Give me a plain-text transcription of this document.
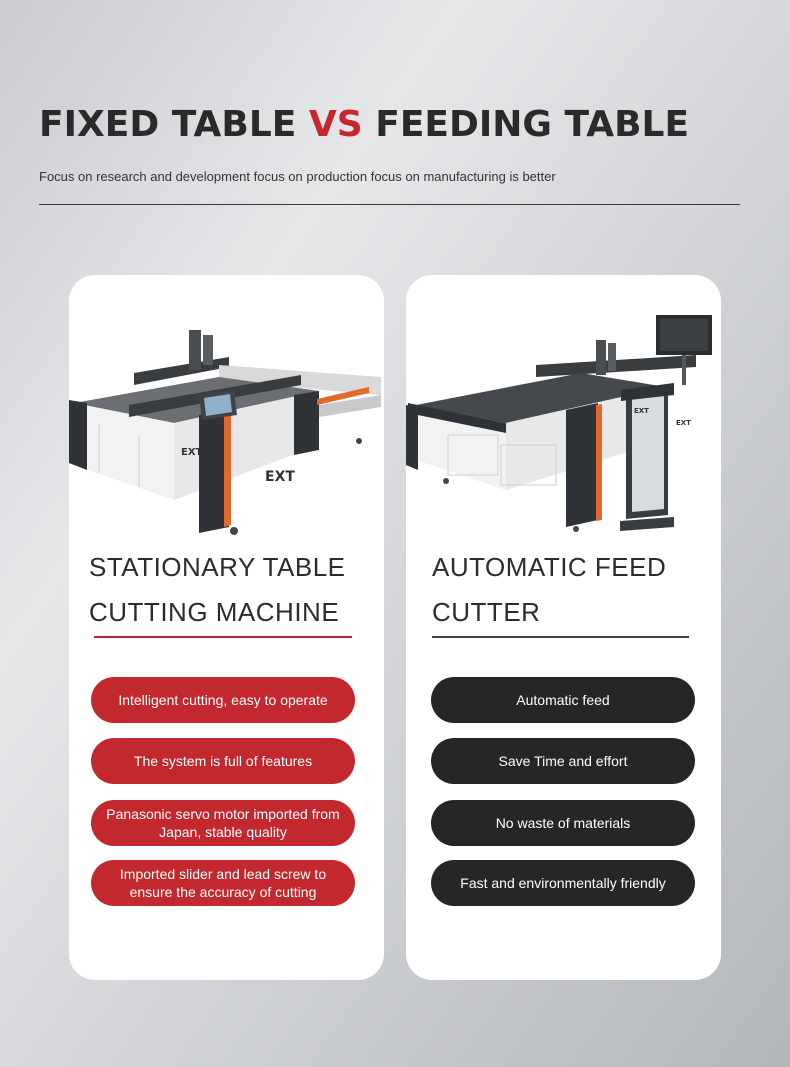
FIXED TABLE VS FEEDING TABLE

Focus on research and development focus on production focus on manufacturing is better

EXT
EXT
STATIONARY TABLE
CUTTING MACHINE
Intelligent cutting, easy to operate
The system is full of features
Panasonic servo motor imported from Japan, stable quality
Imported slider and lead screw to ensure the accuracy of cutting
EXT
EXT
AUTOMATIC FEED
CUTTER
Automatic feed
Save Time and effort
No waste of materials
Fast and environmentally friendly
